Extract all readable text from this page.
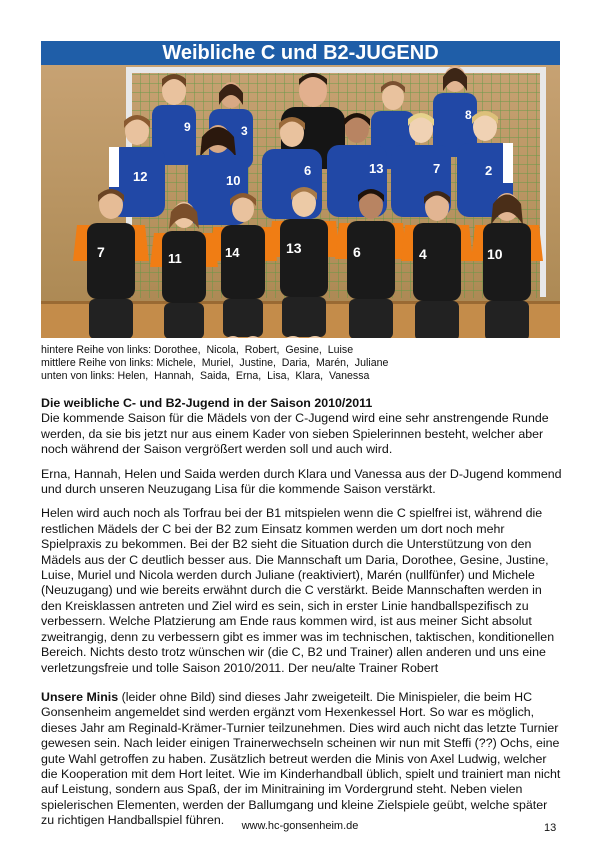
Weibliche C und B2-JUGEND
9	3
8
12	10
6	13	7	2
7	11	14	13	6	4	10
hintere Reihe von links: Dorothee,  Nicola,  Robert,  Gesine,  Luise
mittlere Reihe von links: Michele,  Muriel,  Justine,  Daria,  Marén,  Juliane
unten von links: Helen,  Hannah,  Saida,  Erna,  Lisa,  Klara,  Vanessa
Die weibliche C- und B2-Jugend in der Saison 2010/2011

Die kommende Saison für die Mädels von der C-Jugend wird eine sehr anstrengende Runde werden, da sie bis jetzt nur aus einem Kader von sieben Spielerinnen besteht, welcher aber noch während der Saison vergrößert werden soll und auch wird.

Erna, Hannah, Helen und Saida werden durch Klara und Vanessa aus der D-Jugend kommend und durch unseren Neuzugang Lisa für die kommende Saison verstärkt.

Helen wird auch noch als Torfrau bei der B1 mitspielen wenn die C spielfrei ist, während die restlichen Mädels der C bei der B2 zum Einsatz kommen werden um dort noch mehr Spielpraxis zu bekommen. Bei der B2 sieht die Situation durch die Unterstützung von den Mädels aus der C deutlich besser aus. Die Mannschaft um Daria, Dorothee, Gesine, Justine, Luise, Muriel und Nicola werden durch Juliane (reaktiviert), Marén (nullfünfer) und Michele (Neuzugang) und wie bereits erwähnt durch die C verstärkt. Beide Mannschaften werden in den Kreisklassen antreten und Ziel wird es sein, sich in erster Linie handballspezifisch zu verbessern. Welche Platzierung am Ende raus kommen wird, ist aus meiner Sicht absolut zweitrangig, denn zu verbessern gibt es immer was im technischen, taktischen, konditionellen Bereich. Nichts desto trotz wünschen wir (die C, B2 und Trainer) allen anderen und uns eine verletzungsfreie und tolle Saison 2010/2011. Der neu/alte Trainer Robert

Unsere Minis (leider ohne Bild) sind dieses Jahr zweigeteilt. Die Minispieler, die beim HC Gonsenheim angemeldet sind werden ergänzt vom Hexenkessel Hort. So war es möglich, dieses Jahr am Reginald-Krämer-Turnier teilzunehmen. Dies wird auch nicht das letzte Turnier gewesen sein. Nach leider einigen Trainerwechseln scheinen wir nun mit Steffi (??) Ochs, eine gute Wahl getroffen zu haben. Zusätzlich betreut werden die Minis von Axel Ludwig, welcher die Kooperation mit dem Hort leitet. Wie im Kinderhandball üblich, spielt und trainiert man nicht auf Leistung, sondern aus Spaß, der im Minitraining im Vordergrund steht. Neben vielen spielerischen Elementen, werden der Ballumgang und kleine Zielspiele geübt, welche später zu richtigen Handballspiel führen.	www.hc-gonsenheim.de	13
